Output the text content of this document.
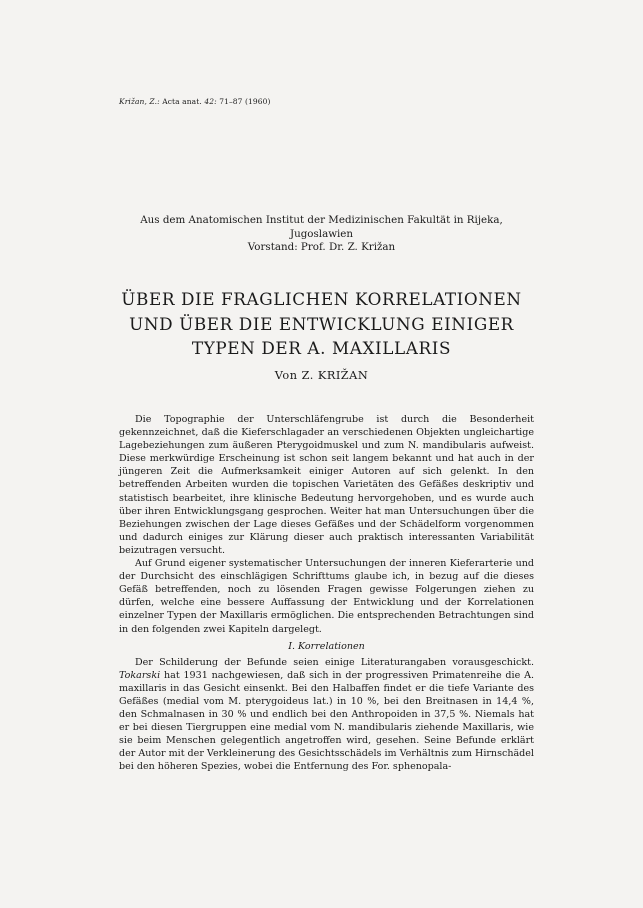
Križan, Z.: Acta anat. 42: 71–87 (1960)
Aus dem Anatomischen Institut der Medizinischen Fakultät in Rijeka,
Jugoslawien
Vorstand: Prof. Dr. Z. Križan
ÜBER DIE FRAGLICHEN KORRELATIONEN
UND ÜBER DIE ENTWICKLUNG EINIGER
TYPEN DER A. MAXILLARIS
Von Z. KRIŽAN

Die Topographie der Unterschläfengrube ist durch die Besonderheit gekennzeichnet, daß die Kieferschlagader an verschiedenen Objekten ungleichartige Lagebeziehungen zum äußeren Pterygoidmuskel und zum N. mandibularis aufweist. Diese merkwürdige Erscheinung ist schon seit langem bekannt und hat auch in der jüngeren Zeit die Aufmerksamkeit einiger Autoren auf sich gelenkt. In den betreffenden Arbeiten wurden die topischen Varietäten des Gefäßes deskriptiv und statistisch bearbeitet, ihre klinische Bedeutung hervorgehoben, und es wurde auch über ihren Entwicklungsgang gesprochen. Weiter hat man Untersuchungen über die Beziehungen zwischen der Lage dieses Gefäßes und der Schädelform vorgenommen und dadurch einiges zur Klärung dieser auch praktisch interessanten Variabilität beizutragen versucht.

Auf Grund eigener systematischer Untersuchungen der inneren Kieferarterie und der Durchsicht des einschlägigen Schrifttums glaube ich, in bezug auf die dieses Gefäß betreffenden, noch zu lösenden Fragen gewisse Folgerungen ziehen zu dürfen, welche eine bessere Auffassung der Entwicklung und der Korrelationen einzelner Typen der Maxillaris ermöglichen. Die entsprechenden Betrachtungen sind in den folgenden zwei Kapiteln dargelegt.

I. Korrelationen

Der Schilderung der Befunde seien einige Literaturangaben vorausgeschickt. Tokarski hat 1931 nachgewiesen, daß sich in der progressiven Primatenreihe die A. maxillaris in das Gesicht einsenkt. Bei den Halbaffen findet er die tiefe Variante des Gefäßes (medial vom M. pterygoideus lat.) in 10 %, bei den Breitnasen in 14,4 %, den Schmalnasen in 30 % und endlich bei den Anthropoiden in 37,5 %. Niemals hat er bei diesen Tiergruppen eine medial vom N. mandibularis ziehende Maxillaris, wie sie beim Menschen gelegentlich angetroffen wird, gesehen. Seine Befunde erklärt der Autor mit der Verkleinerung des Gesichtsschädels im Verhältnis zum Hirnschädel bei den höheren Spezies, wobei die Entfernung des For. sphenopala-
